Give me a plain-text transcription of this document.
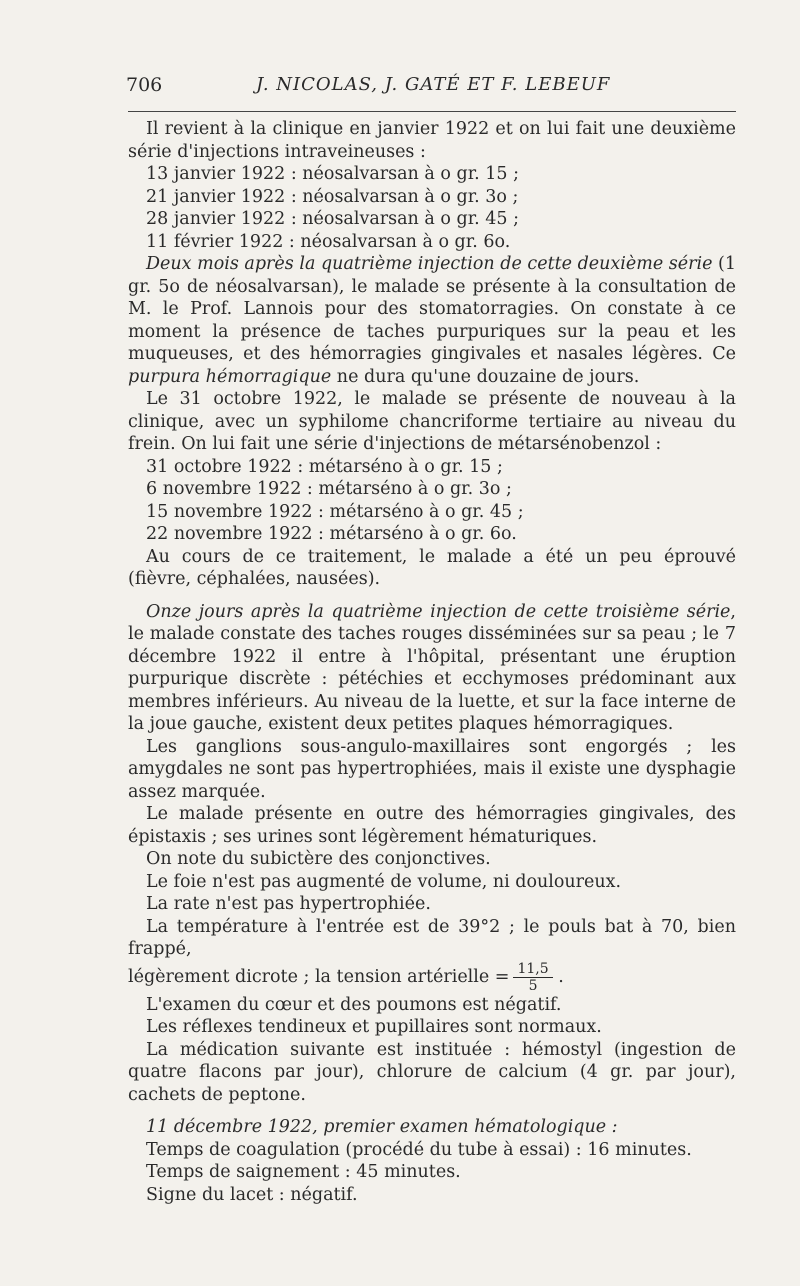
706	J. NICOLAS, J. GATÉ ET F. LEBEUF

Il revient à la clinique en janvier 1922 et on lui fait une deuxième série d'injections intraveineuses :

13 janvier 1922 : néosalvarsan à o gr. 15 ;

21 janvier 1922 : néosalvarsan à o gr. 3o ;

28 janvier 1922 : néosalvarsan à o gr. 45 ;

11 février 1922 : néosalvarsan à o gr. 6o.

Deux mois après la quatrième injection de cette deuxième série (1 gr. 5o de néosalvarsan), le malade se présente à la consultation de M. le Prof. Lannois pour des stomatorragies. On constate à ce moment la présence de taches purpuriques sur la peau et les muqueuses, et des hémorragies gingivales et nasales légères. Ce purpura hémorragique ne dura qu'une douzaine de jours.

Le 31 octobre 1922, le malade se présente de nouveau à la clinique, avec un syphilome chancriforme tertiaire au niveau du frein. On lui fait une série d'injections de métarsénobenzol :

31 octobre 1922 : métarséno à o gr. 15 ;

6 novembre 1922 : métarséno à o gr. 3o ;

15 novembre 1922 : métarséno à o gr. 45 ;

22 novembre 1922 : métarséno à o gr. 6o.

Au cours de ce traitement, le malade a été un peu éprouvé (fièvre, céphalées, nausées).

Onze jours après la quatrième injection de cette troisième série, le malade constate des taches rouges disséminées sur sa peau ; le 7 décembre 1922 il entre à l'hôpital, présentant une éruption purpurique discrète : pétéchies et ecchymoses prédominant aux membres inférieurs. Au niveau de la luette, et sur la face interne de la joue gauche, existent deux petites plaques hémorragiques.

Les ganglions sous-angulo-maxillaires sont engorgés ; les amygdales ne sont pas hypertrophiées, mais il existe une dysphagie assez marquée.

Le malade présente en outre des hémorragies gingivales, des épistaxis ; ses urines sont légèrement hématuriques.

On note du subictère des conjonctives.

Le foie n'est pas augmenté de volume, ni douloureux.

La rate n'est pas hypertrophiée.

La température à l'entrée est de 39°2 ; le pouls bat à 70, bien frappé,

légèrement dicrote ; la tension artérielle = $\frac{11,5}{5}$ .

L'examen du cœur et des poumons est négatif.

Les réflexes tendineux et pupillaires sont normaux.

La médication suivante est instituée : hémostyl (ingestion de quatre flacons par jour), chlorure de calcium (4 gr. par jour), cachets de peptone.

11 décembre 1922, premier examen hématologique :

Temps de coagulation (procédé du tube à essai) : 16 minutes.

Temps de saignement : 45 minutes.

Signe du lacet : négatif.
